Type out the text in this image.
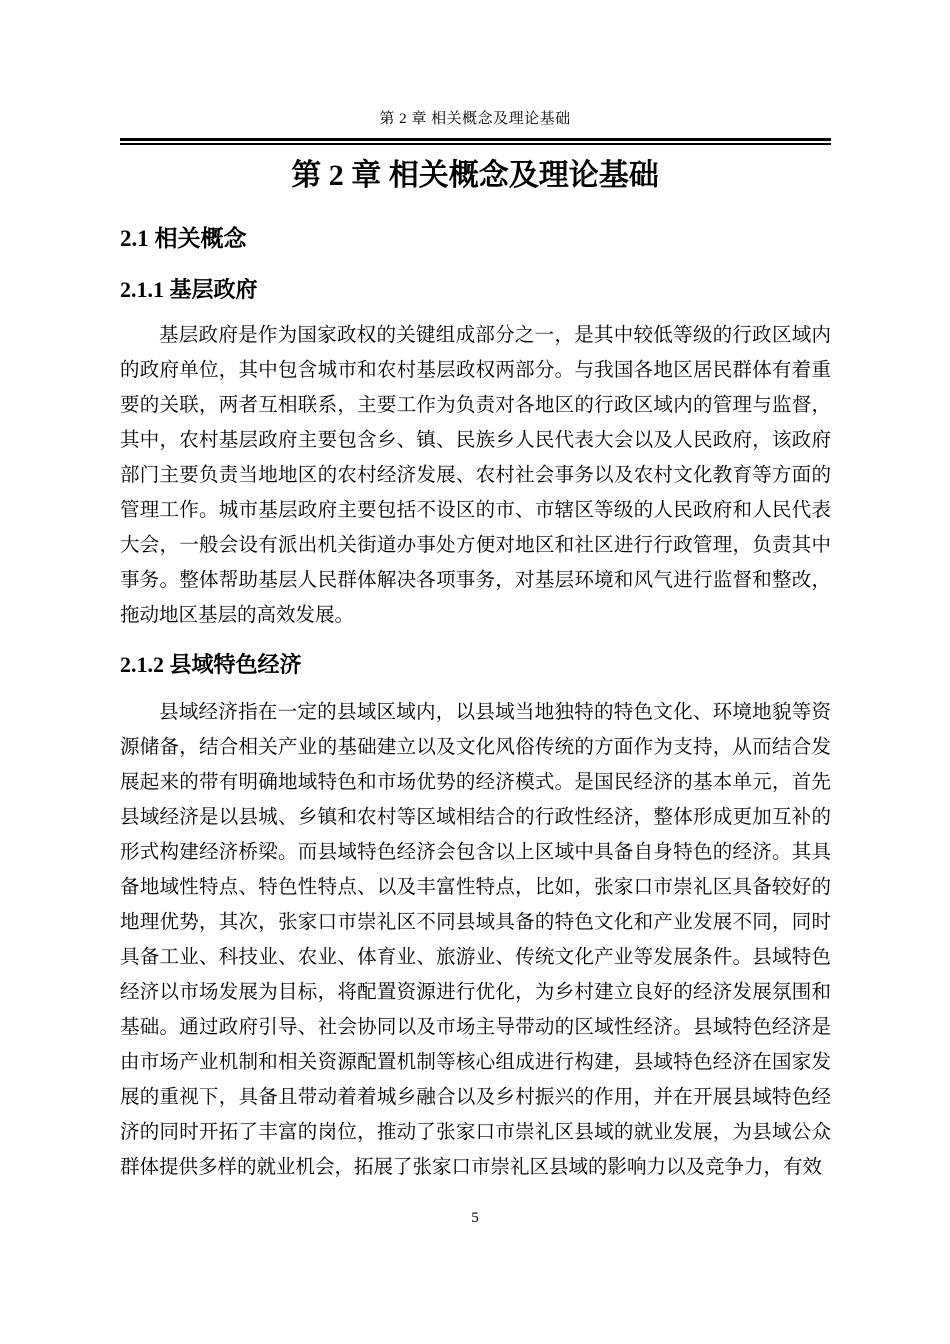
第 2 章 相关概念及理论基础
第 2 章 相关概念及理论基础
2.1 相关概念
2.1.1 基层政府

基层政府是作为国家政权的关键组成部分之一，是其中较低等级的行政区域内的政府单位，其中包含城市和农村基层政权两部分。与我国各地区居民群体有着重要的关联，两者互相联系，主要工作为负责对各地区的行政区域内的管理与监督，其中，农村基层政府主要包含乡、镇、民族乡人民代表大会以及人民政府，该政府部门主要负责当地地区的农村经济发展、农村社会事务以及农村文化教育等方面的管理工作。城市基层政府主要包括不设区的市、市辖区等级的人民政府和人民代表大会，一般会设有派出机关街道办事处方便对地区和社区进行行政管理，负责其中事务。整体帮助基层人民群体解决各项事务，对基层环境和风气进行监督和整改，拖动地区基层的高效发展。

2.1.2 县域特色经济

县域经济指在一定的县域区域内，以县域当地独特的特色文化、环境地貌等资源储备，结合相关产业的基础建立以及文化风俗传统的方面作为支持，从而结合发展起来的带有明确地域特色和市场优势的经济模式。是国民经济的基本单元，首先县域经济是以县城、乡镇和农村等区域相结合的行政性经济，整体形成更加互补的形式构建经济桥梁。而县域特色经济会包含以上区域中具备自身特色的经济。其具备地域性特点、特色性特点、以及丰富性特点，比如，张家口市崇礼区具备较好的地理优势，其次，张家口市崇礼区不同县域具备的特色文化和产业发展不同，同时具备工业、科技业、农业、体育业、旅游业、传统文化产业等发展条件。县域特色经济以市场发展为目标，将配置资源进行优化，为乡村建立良好的经济发展氛围和基础。通过政府引导、社会协同以及市场主导带动的区域性经济。县域特色经济是由市场产业机制和相关资源配置机制等核心组成进行构建，县域特色经济在国家发展的重视下，具备且带动着着城乡融合以及乡村振兴的作用，并在开展县域特色经济的同时开拓了丰富的岗位，推动了张家口市崇礼区县域的就业发展，为县域公众群体提供多样的就业机会，拓展了张家口市崇礼区县域的影响力以及竞争力，有效

5
